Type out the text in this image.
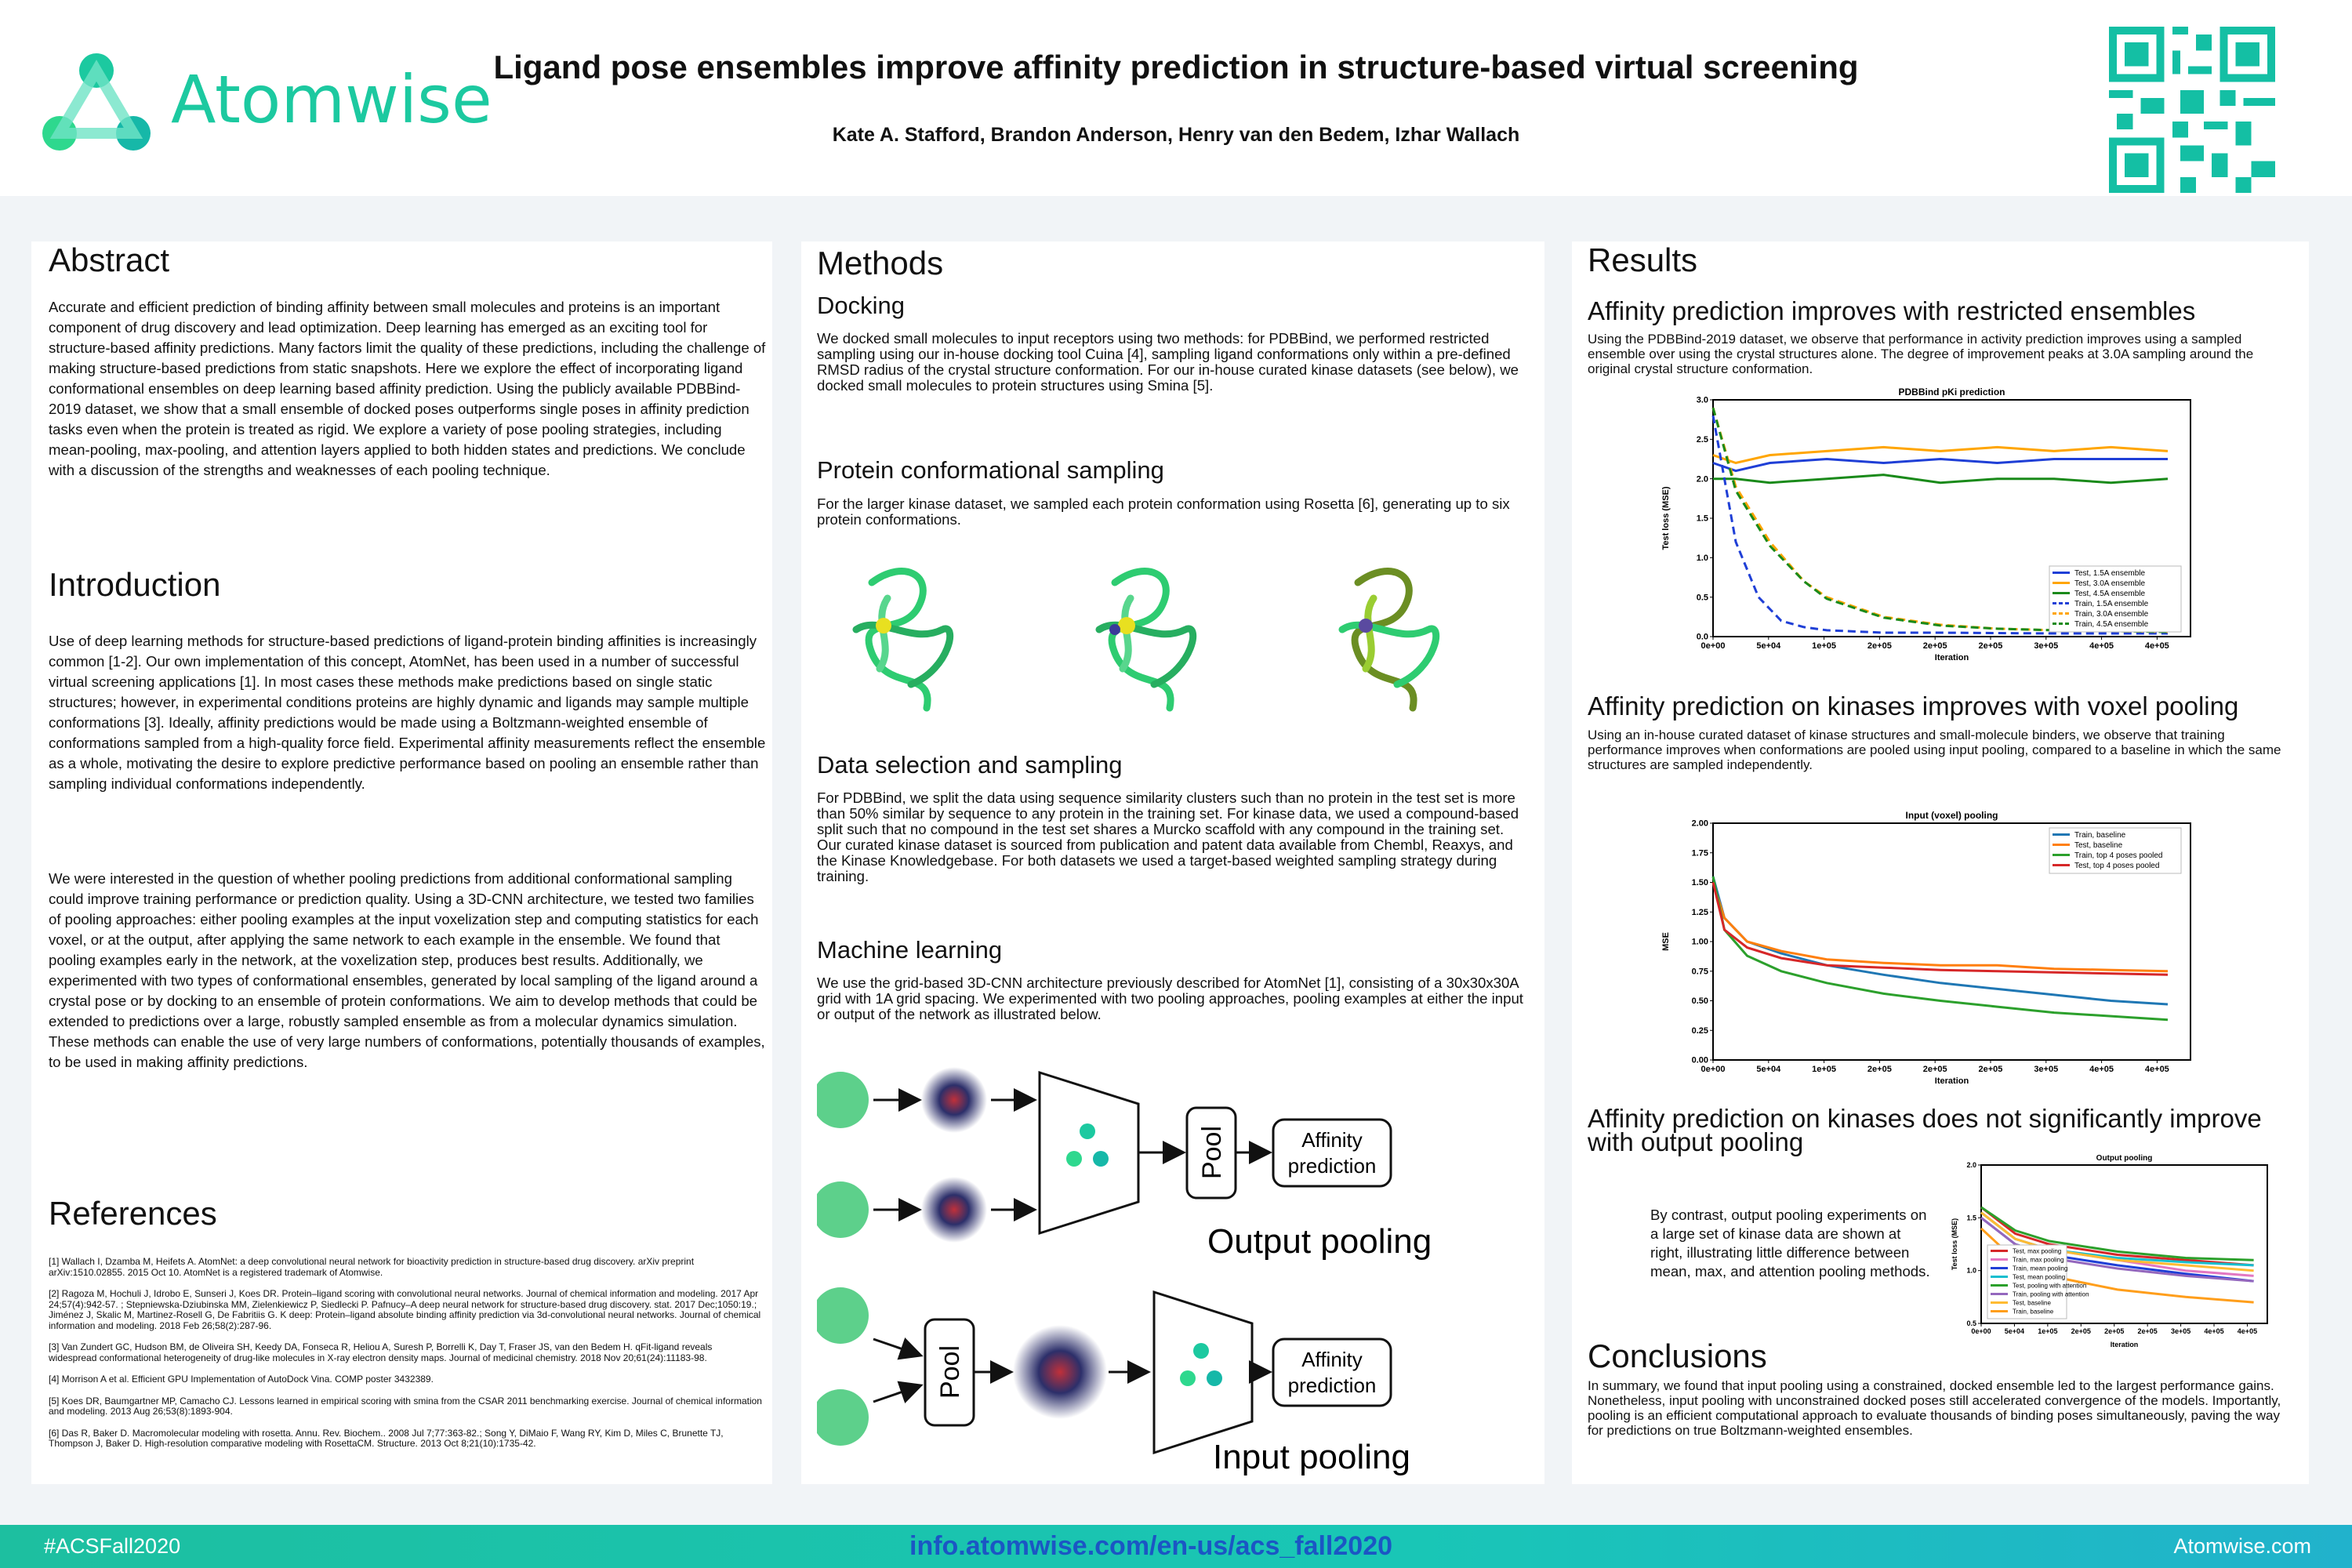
Atomwise Ligand pose ensembles improve affinity prediction in structure-based virtual screening
Kate A. Stafford, Brandon Anderson, Henry van den Bedem, Izhar Wallach
Abstract
Accurate and efficient prediction of binding affinity between small molecules and proteins is an important component of drug discovery and lead optimization. Deep learning has emerged as an exciting tool for structure-based affinity predictions. Many factors limit the quality of these predictions, including the challenge of making structure-based predictions from static snapshots. Here we explore the effect of incorporating ligand conformational ensembles on deep learning based affinity prediction. Using the publicly available PDBBind-2019 dataset, we show that a small ensemble of docked poses outperforms single poses in affinity prediction tasks even when the protein is treated as rigid. We explore a variety of pose pooling strategies, including mean-pooling, max-pooling, and attention layers applied to both hidden states and predictions. We conclude with a discussion of the strengths and weaknesses of each pooling technique.
Introduction
Use of deep learning methods for structure-based predictions of ligand-protein binding affinities is increasingly common [1-2]. Our own implementation of this concept, AtomNet, has been used in a number of successful virtual screening applications [1]. In most cases these methods make predictions based on single static structures; however, in experimental conditions proteins are highly dynamic and ligands may sample multiple conformations [3]. Ideally, affinity predictions would be made using a Boltzmann-weighted ensemble of conformations sampled from a high-quality force field. Experimental affinity measurements reflect the ensemble as a whole, motivating the desire to explore predictive performance based on pooling an ensemble rather than sampling individual conformations independently.
We were interested in the question of whether pooling predictions from additional conformational sampling could improve training performance or prediction quality. Using a 3D-CNN architecture, we tested two families of pooling approaches: either pooling examples at the input voxelization step and computing statistics for each voxel, or at the output, after applying the same network to each example in the ensemble. We found that pooling examples early in the network, at the voxelization step, produces best results. Additionally, we experimented with two types of conformational ensembles, generated by local sampling of the ligand around a crystal pose or by docking to an ensemble of protein conformations. We aim to develop methods that could be extended to predictions over a large, robustly sampled ensemble as from a molecular dynamics simulation. These methods can enable the use of very large numbers of conformations, potentially thousands of examples, to be used in making affinity predictions.
References

[1] Wallach I, Dzamba M, Heifets A. AtomNet: a deep convolutional neural network for bioactivity prediction in structure-based drug discovery. arXiv preprint arXiv:1510.02855. 2015 Oct 10. AtomNet is a registered trademark of Atomwise.

[2] Ragoza M, Hochuli J, Idrobo E, Sunseri J, Koes DR. Protein–ligand scoring with convolutional neural networks. Journal of chemical information and modeling. 2017 Apr 24;57(4):942-57. ; Stepniewska-Dziubinska MM, Zielenkiewicz P, Siedlecki P. Pafnucy–A deep neural network for structure-based drug discovery. stat. 2017 Dec;1050:19.; Jiménez J, Skalic M, Martinez-Rosell G, De Fabritiis G. K deep: Protein–ligand absolute binding affinity prediction via 3d-convolutional neural networks. Journal of chemical information and modeling. 2018 Feb 26;58(2):287-96.

[3] Van Zundert GC, Hudson BM, de Oliveira SH, Keedy DA, Fonseca R, Heliou A, Suresh P, Borrelli K, Day T, Fraser JS, van den Bedem H. qFit-ligand reveals widespread conformational heterogeneity of drug-like molecules in X-ray electron density maps. Journal of medicinal chemistry. 2018 Nov 20;61(24):11183-98.

[4] Morrison A et al. Efficient GPU Implementation of AutoDock Vina. COMP poster 3432389.

[5] Koes DR, Baumgartner MP, Camacho CJ. Lessons learned in empirical scoring with smina from the CSAR 2011 benchmarking exercise. Journal of chemical information and modeling. 2013 Aug 26;53(8):1893-904.

[6] Das R, Baker D. Macromolecular modeling with rosetta. Annu. Rev. Biochem.. 2008 Jul 7;77:363-82.; Song Y, DiMaio F, Wang RY, Kim D, Miles C, Brunette TJ, Thompson J, Baker D. High-resolution comparative modeling with RosettaCM. Structure. 2013 Oct 8;21(10):1735-42.

Methods
Docking
We docked small molecules to input receptors using two methods: for PDBBind, we performed restricted sampling using our in-house docking tool Cuina [4], sampling ligand conformations only within a pre-defined RMSD radius of the crystal structure conformation. For our in-house curated kinase datasets (see below), we docked small molecules to protein structures using Smina [5].
Protein conformational sampling
For the larger kinase dataset, we sampled each protein conformation using Rosetta [6], generating up to six protein conformations.
Data selection and sampling
For PDBBind, we split the data using sequence similarity clusters such than no protein in the test set is more than 50% similar by sequence to any protein in the training set. For kinase data, we used a compound-based split such that no compound in the test set shares a Murcko scaffold with any compound in the training set. Our curated kinase dataset is sourced from publication and patent data available from Chembl, Reaxys, and the Kinase Knowledgebase. For both datasets we used a target-based weighted sampling strategy during training.
Machine learning
We use the grid-based 3D-CNN architecture previously described for AtomNet [1], consisting of a 30x30x30A grid with 1A grid spacing. We experimented with two pooling approaches, pooling examples at either the input or output of the network as illustrated below.
Pool	Affinity
prediction
Output pooling
Pool	Affinity
prediction
Input pooling
Results
Affinity prediction improves with restricted ensembles
Using the PDBBind-2019 dataset, we observe that performance in activity prediction improves using a sampled ensemble over using the crystal structures alone. The degree of improvement peaks at 3.0A sampling around the original crystal structure conformation.
PDBBind pKi prediction
0.0
0.5
1.0
1.5
2.0
2.5
3.0
0e+00	5e+04	1e+05	2e+05	2e+05	2e+05	3e+05	4e+05	4e+05
Iteration
Test loss (MSE)
Test, 1.5A ensemble
Test, 3.0A ensemble
Test, 4.5A ensemble
Train, 1.5A ensemble
Train, 3.0A ensemble
Train, 4.5A ensemble
Affinity prediction on kinases improves with voxel pooling
Using an in-house curated dataset of kinase structures and small-molecule binders, we observe that training performance improves when conformations are pooled using input pooling, compared to a baseline in which the same structures are sampled independently.
Input (voxel) pooling
0.00
0.25
0.50
0.75
1.00
1.25
1.50
1.75
2.00
0e+00	5e+04	1e+05	2e+05	2e+05	2e+05	3e+05	4e+05	4e+05
Iteration
MSE
Train, baseline
Test, baseline
Train, top 4 poses pooled
Test, top 4 poses pooled
Affinity prediction on kinases does not significantly improve with output pooling
By contrast, output pooling experiments on a large set of kinase data are shown at right, illustrating little difference between mean, max, and attention pooling methods.
Output pooling
0.5
1.0
1.5
2.0
0e+00 5e+04 1e+05 2e+05 2e+05 2e+05 3e+05 4e+05 4e+05
Iteration
Test loss (MSE)	Test, max pooling
Train, max pooling
Train, mean pooling
Test, mean pooling
Test, pooling with attention
Train, pooling with attention
Test, baseline
Train, baseline
Conclusions
In summary, we found that input pooling using a constrained, docked ensemble led to the largest performance gains. Nonetheless, input pooling with unconstrained docked poses still accelerated convergence of the models. Importantly, pooling is an efficient computational approach to evaluate thousands of binding poses simultaneously, paving the way for predictions on true Boltzmann-weighted ensembles.
#ACSFall2020	info.atomwise.com/en-us/acs_fall2020	Atomwise.com
